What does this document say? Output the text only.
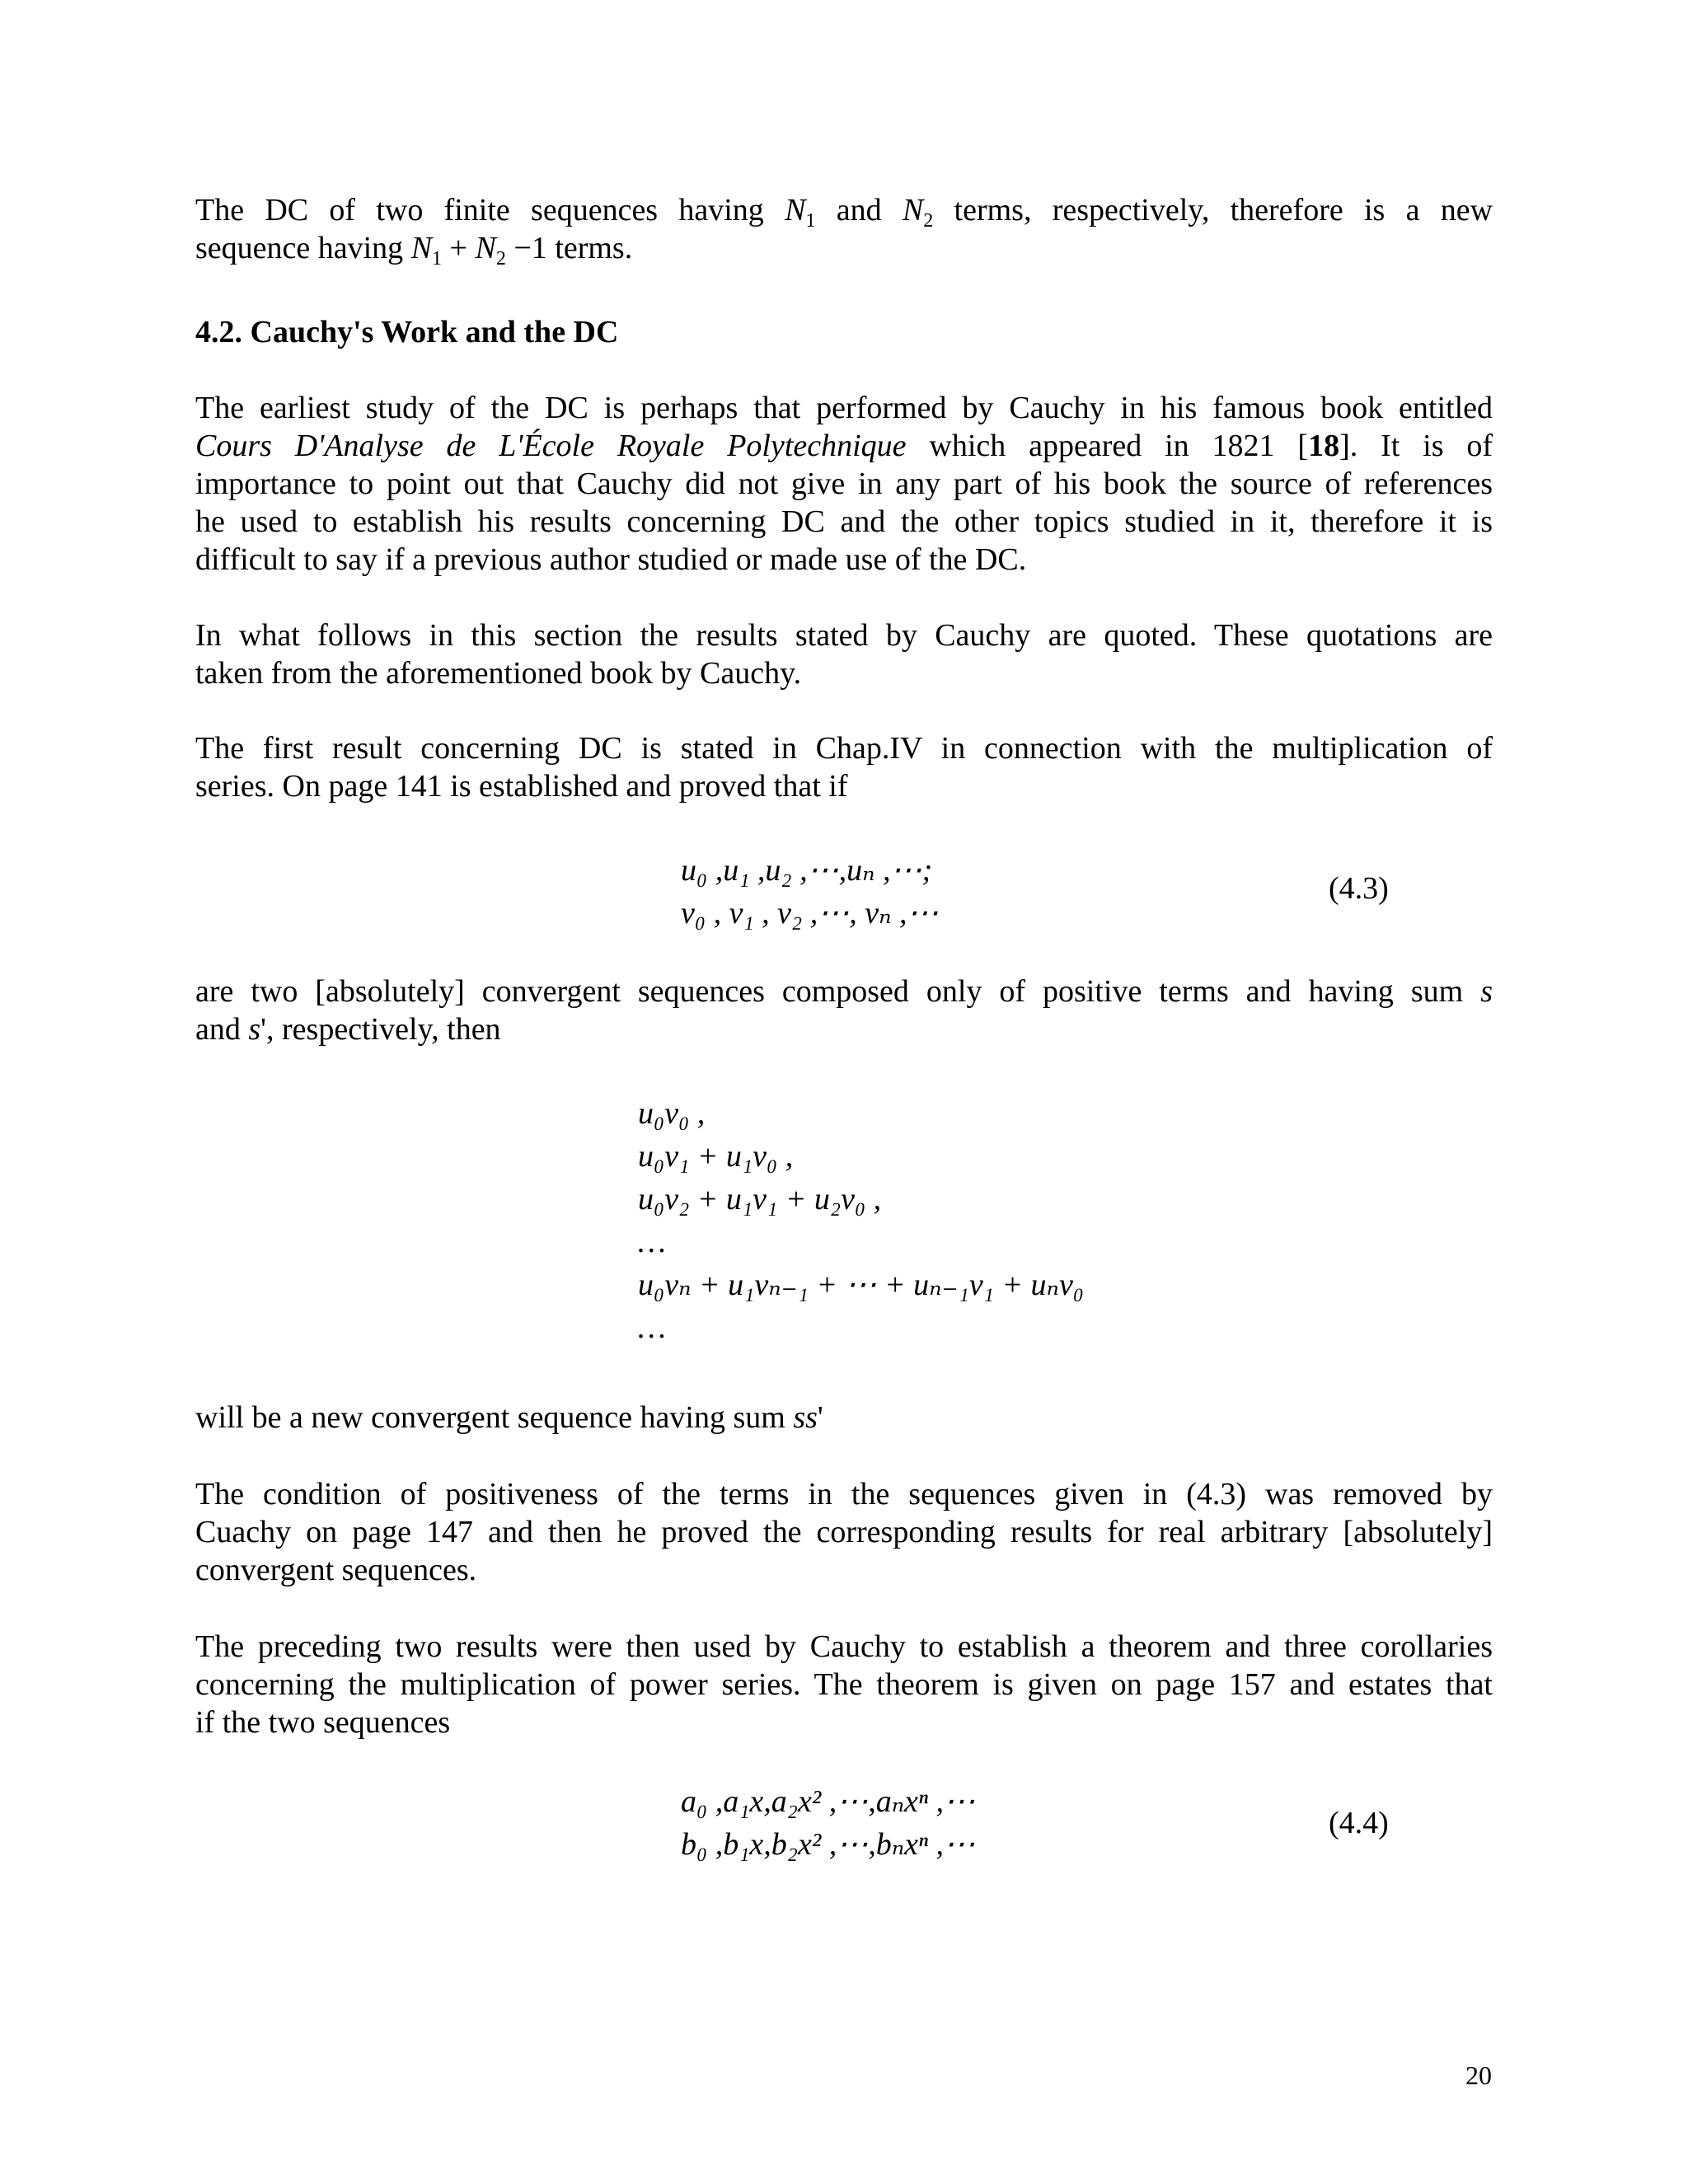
The DC of two finite sequences having $N_1$ and $N_2$ terms, respectively, therefore is a new
sequence having $N_1 + N_2 -1$ terms.
4.2. Cauchy's Work and the DC
The earliest study of the DC is perhaps that performed by Cauchy in his famous book entitled
Cours D'Analyse de L'École Royale Polytechnique which appeared in 1821 [18]. It is of
importance to point out that Cauchy did not give in any part of his book the source of references
he used to establish his results concerning DC and the other topics studied in it, therefore it is
difficult to say if a previous author studied or made use of the DC.
In what follows in this section the results stated by Cauchy are quoted. These quotations are
taken from the aforementioned book by Cauchy.
The first result concerning DC is stated in Chap.IV in connection with the multiplication of
series. On page 141 is established and proved that if
u₀ ,u₁ ,u₂ ,⋯,uₙ ,⋯;
v₀ , v₁ , v₂ ,⋯, vₙ ,⋯
(4.3)
are two [absolutely] convergent sequences composed only of positive terms and having sum s
and s', respectively, then
u₀v₀ ,
u₀v₁ + u₁v₀ ,
u₀v₂ + u₁v₁ + u₂v₀ ,
…
u₀vₙ + u₁vₙ₋₁ + ⋯ + uₙ₋₁v₁ + uₙv₀
…
will be a new convergent sequence having sum ss'
The condition of positiveness of the terms in the sequences given in (4.3) was removed by
Cuachy on page 147 and then he proved the corresponding results for real arbitrary [absolutely]
convergent sequences.
The preceding two results were then used by Cauchy to establish a theorem and three corollaries
concerning the multiplication of power series. The theorem is given on page 157 and estates that
if the two sequences
a₀ ,a₁x,a₂x² ,⋯,aₙxⁿ ,⋯
b₀ ,b₁x,b₂x² ,⋯,bₙxⁿ ,⋯
(4.4)
20
